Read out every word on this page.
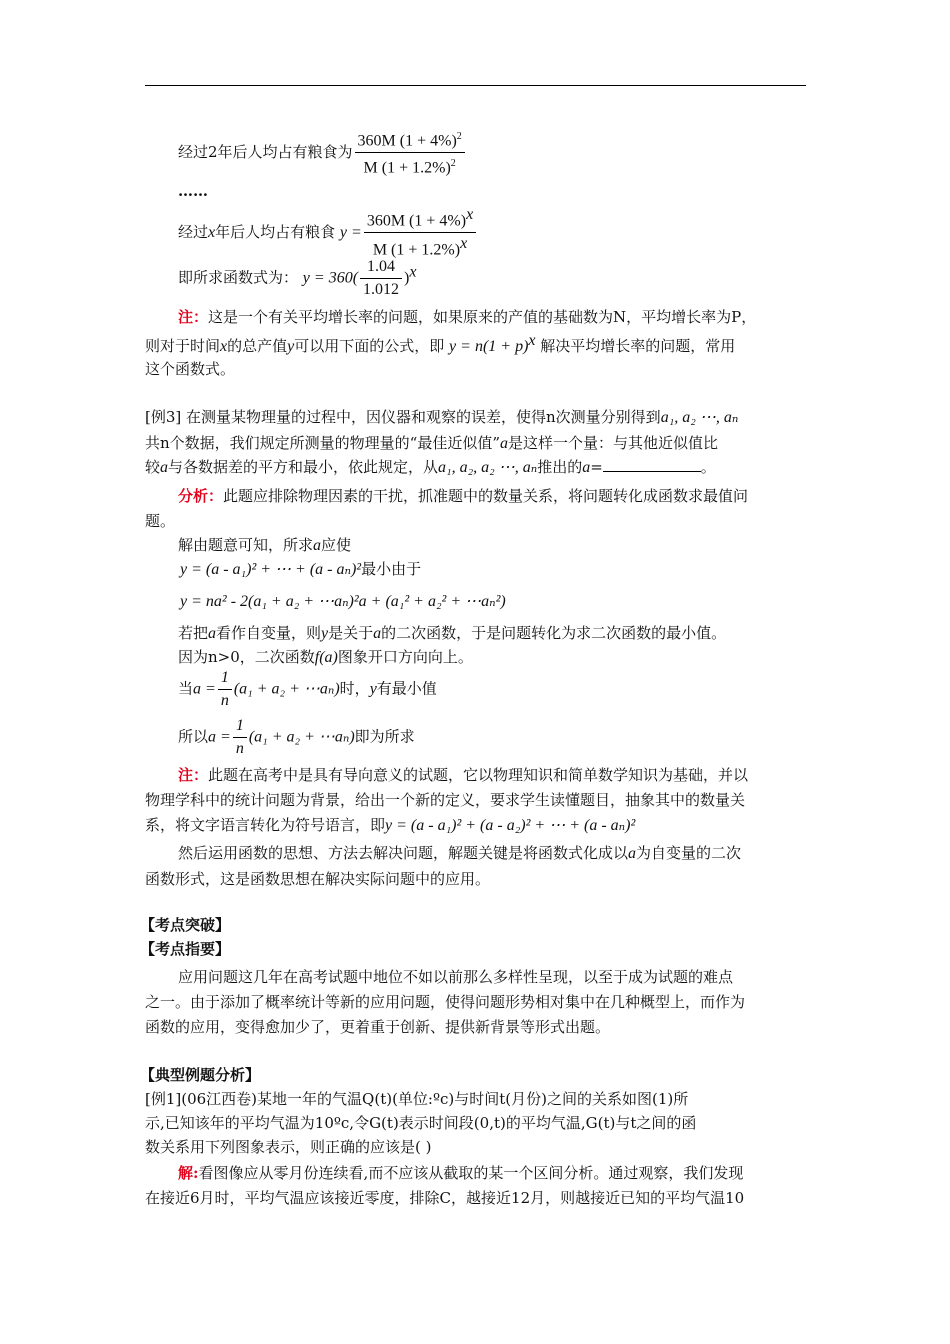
经过2年后人均占有粮食为 $\frac{360M (1 + 4\%)^2}{M (1 + 1.2\%)^2}$
……
经过x年后人均占有粮食 $y = \frac{360M (1 + 4\%)^x}{M (1 + 1.2\%)^x}$
即所求函数式为： $y = 360( \frac{1.04}{1.012} )^x$
注：这是一个有关平均增长率的问题，如果原来的产值的基础数为N，平均增长率为P，
则对于时间x的总产值y可以用下面的公式，即 $y = n(1 + p)^x$ 解决平均增长率的问题，常用
这个函数式。
[例3] 在测量某物理量的过程中，因仪器和观察的误差，使得n次测量分别得到a₁, a₂ ⋯, aₙ
共n个数据，我们规定所测量的物理量的“最佳近似值”a是这样一个量：与其他近似值比
较a与各数据差的平方和最小，依此规定，从a₁, a₂, a₂ ⋯, aₙ推出的a=	。
分析：此题应排除物理因素的干扰，抓准题中的数量关系，将问题转化成函数求最值问
题。
解由题意可知，所求a应使
y = (a - a₁)² + ⋯ + (a - aₙ)²最小由于
y = na² - 2(a₁ + a₂ + ⋯aₙ)²a + (a₁² + a₂² + ⋯aₙ²)
若把a看作自变量，则y是关于a的二次函数，于是问题转化为求二次函数的最小值。
因为n>0，二次函数f(a)图象开口方向向上。
当$a = \frac{1}{n} (a_1 + a_2$ + ⋯aₙ)时，y有最小值
所以$a = \frac{1}{n} (a_1 + a_2$ + ⋯aₙ)即为所求
注：此题在高考中是具有导向意义的试题，它以物理知识和简单数学知识为基础，并以
物理学科中的统计问题为背景，给出一个新的定义，要求学生读懂题目，抽象其中的数量关
系，将文字语言转化为符号语言，即y = (a - a₁)² + (a - a₂)² + ⋯ + (a - aₙ)²
然后运用函数的思想、方法去解决问题，解题关键是将函数式化成以a为自变量的二次
函数形式，这是函数思想在解决实际问题中的应用。
【考点突破】
【考点指要】
应用问题这几年在高考试题中地位不如以前那么多样性呈现，以至于成为试题的难点
之一。由于添加了概率统计等新的应用问题，使得问题形势相对集中在几种概型上，而作为
函数的应用，变得愈加少了，更着重于创新、提供新背景等形式出题。
【典型例题分析】
[例1](06江西卷)某地一年的气温Q(t)(单位:ºc)与时间t(月份)之间的关系如图(1)所
示,已知该年的平均气温为10ºc,令G(t)表示时间段(0,t)的平均气温,G(t)与t之间的函
数关系用下列图象表示，则正确的应该是( )
解:看图像应从零月份连续看,而不应该从截取的某一个区间分析。通过观察，我们发现
在接近6月时，平均气温应该接近零度，排除C，越接近12月，则越接近已知的平均气温10
